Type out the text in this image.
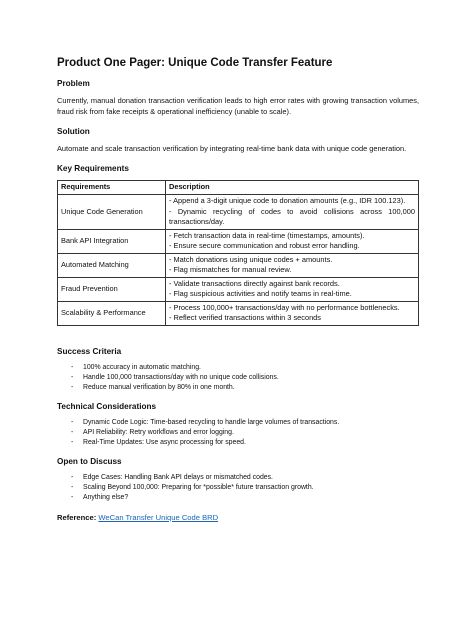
Product One Pager: Unique Code Transfer Feature
Problem
Currently, manual donation transaction verification leads to high error rates with growing transaction volumes, fraud risk from fake receipts & operational inefficiency (unable to scale).
Solution
Automate and scale transaction verification by integrating real-time bank data with unique code generation.
Key Requirements
Requirements	Description
Unique Code Generation	- Append a 3-digit unique code to donation amounts (e.g., IDR 100.123).
- Dynamic recycling of codes to avoid collisions across 100,000 transactions/day.

Bank API Integration	- Fetch transaction data in real-time (timestamps, amounts).
- Ensure secure communication and robust error handling.

Automated Matching	- Match donations using unique codes + amounts.
- Flag mismatches for manual review.

Fraud Prevention	- Validate transactions directly against bank records.
- Flag suspicious activities and notify teams in real-time.

Scalability & Performance	- Process 100,000+ transactions/day with no performance bottlenecks.
- Reflect verified transactions within 3 seconds
Success Criteria
- 100% accuracy in automatic matching.
- Handle 100,000 transactions/day with no unique code collisions.
- Reduce manual verification by 80% in one month.
Technical Considerations
- Dynamic Code Logic: Time-based recycling to handle large volumes of transactions.
- API Reliability: Retry workflows and error logging.
- Real-Time Updates: Use async processing for speed.
Open to Discuss
- Edge Cases: Handling Bank API delays or mismatched codes.
- Scaling Beyond 100,000: Preparing for *possible* future transaction growth.
- Anything else?
Reference: WeCan Transfer Unique Code BRD
